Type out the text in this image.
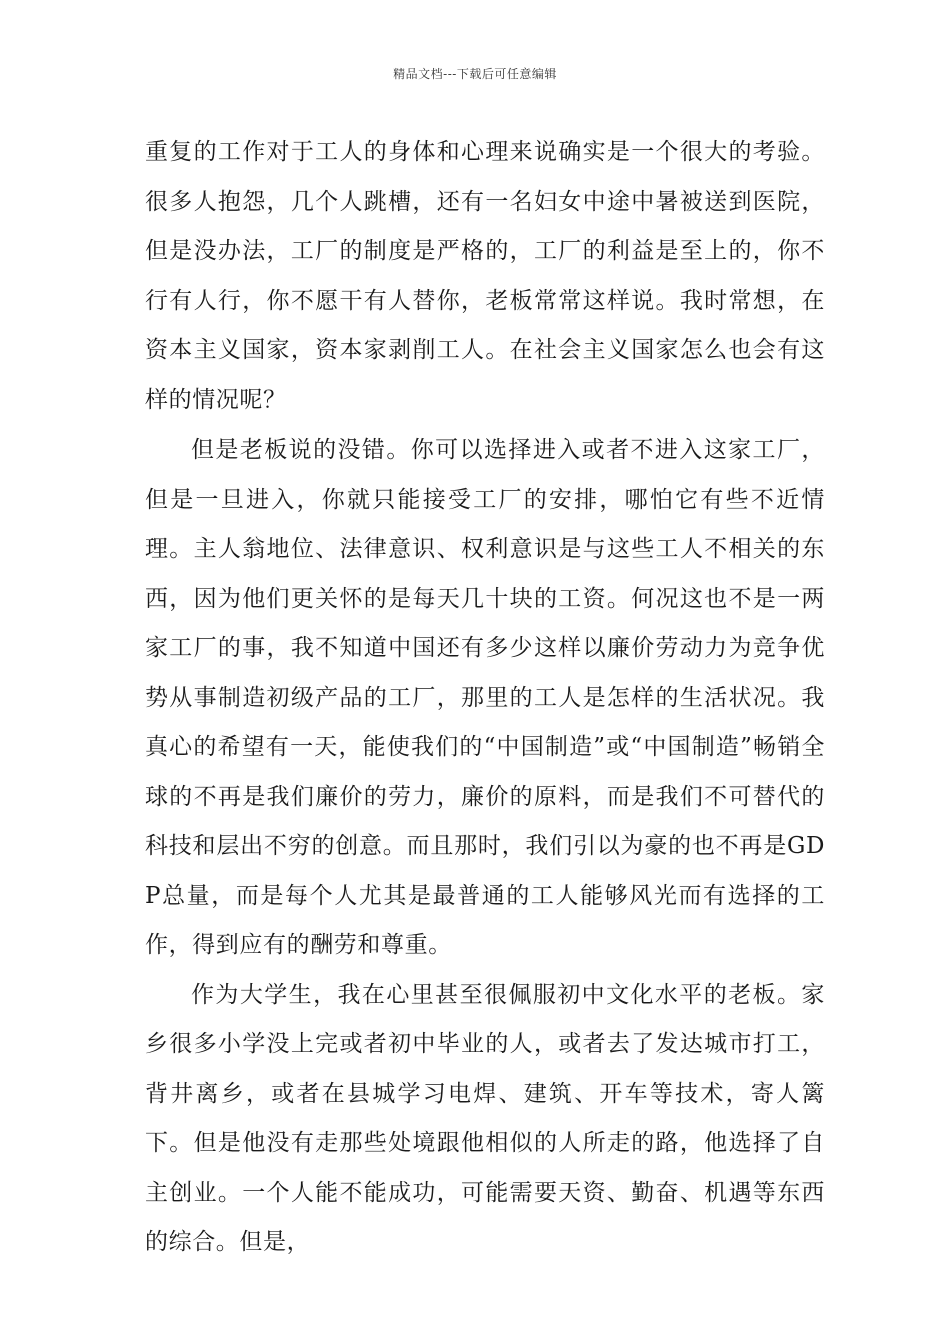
精品文档---下载后可任意编辑

重复的工作对于工人的身体和心理来说确实是一个很大的考验。很多人抱怨，几个人跳槽，还有一名妇女中途中暑被送到医院，但是没办法，工厂的制度是严格的，工厂的利益是至上的，你不行有人行，你不愿干有人替你，老板常常这样说。我时常想，在资本主义国家，资本家剥削工人。在社会主义国家怎么也会有这样的情况呢？

但是老板说的没错。你可以选择进入或者不进入这家工厂，但是一旦进入，你就只能接受工厂的安排，哪怕它有些不近情理。主人翁地位、法律意识、权利意识是与这些工人不相关的东西，因为他们更关怀的是每天几十块的工资。何况这也不是一两家工厂的事，我不知道中国还有多少这样以廉价劳动力为竞争优势从事制造初级产品的工厂，那里的工人是怎样的生活状况。我真心的希望有一天，能使我们的“中国制造”或“中国制造”畅销全球的不再是我们廉价的劳力，廉价的原料，而是我们不可替代的科技和层出不穷的创意。而且那时，我们引以为豪的也不再是GDP总量，而是每个人尤其是最普通的工人能够风光而有选择的工作，得到应有的酬劳和尊重。

作为大学生，我在心里甚至很佩服初中文化水平的老板。家乡很多小学没上完或者初中毕业的人，或者去了发达城市打工，背井离乡，或者在县城学习电焊、建筑、开车等技术，寄人篱下。但是他没有走那些处境跟他相似的人所走的路，他选择了自主创业。一个人能不能成功，可能需要天资、勤奋、机遇等东西的综合。但是，
